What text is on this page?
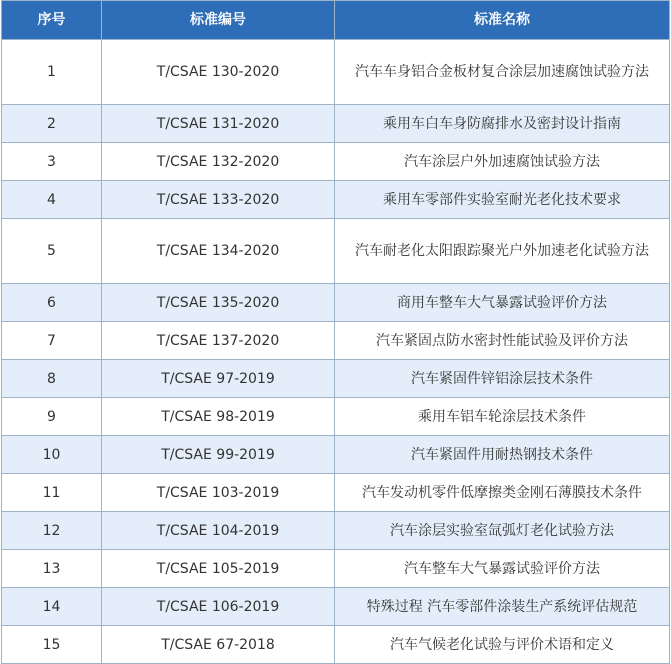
序号	标准编号	标准名称
1	T/CSAE 130-2020	汽车车身铝合金板材复合涂层加速腐蚀试验方法
2	T/CSAE 131-2020	乘用车白车身防腐排水及密封设计指南
3	T/CSAE 132-2020	汽车涂层户外加速腐蚀试验方法
4	T/CSAE 133-2020	乘用车零部件实验室耐光老化技术要求
5	T/CSAE 134-2020	汽车耐老化太阳跟踪聚光户外加速老化试验方法
6	T/CSAE 135-2020	商用车整车大气暴露试验评价方法
7	T/CSAE 137-2020	汽车紧固点防水密封性能试验及评价方法
8	T/CSAE 97-2019	汽车紧固件锌铝涂层技术条件
9	T/CSAE 98-2019	乘用车铝车轮涂层技术条件
10	T/CSAE 99-2019	汽车紧固件用耐热钢技术条件
11	T/CSAE 103-2019	汽车发动机零件低摩擦类金刚石薄膜技术条件
12	T/CSAE 104-2019	汽车涂层实验室氙弧灯老化试验方法
13	T/CSAE 105-2019	汽车整车大气暴露试验评价方法
14	T/CSAE 106-2019	特殊过程 汽车零部件涂装生产系统评估规范
15	T/CSAE 67-2018	汽车气候老化试验与评价术语和定义
